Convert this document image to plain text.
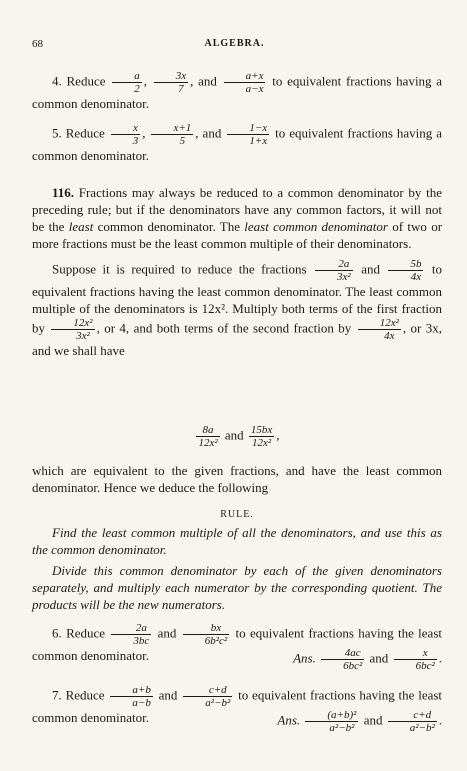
68	ALGEBRA.
4. Reduce $\frac{a}{2}$ , $\frac{3x}{7}$ , and $\frac{a+x}{a-x}$ to equivalent fractions having a common denominator.
5. Reduce $\frac{x}{3}$ , $\frac{x+1}{5}$ , and $\frac{1-x}{1+x}$ to equivalent fractions having a common denominator.
116. Fractions may always be reduced to a common denominator by the preceding rule; but if the denominators have any common factors, it will not be the least common denominator. The least common denominator of two or more fractions must be the least common multiple of their denominators.
Suppose it is required to reduce the fractions $\frac{2a}{\text{3x²}}$ and $\frac{5b}{4x}$ to equivalent fractions having the least common denominator. The least common multiple of the denominators is 12x². Multiply both terms of the first fraction by $\frac{\text{12x²}}{\text{3x²}}$ , or 4, and both terms of the second fraction by $\frac{\text{12x²}}{4x}$ , or 3x, and we shall have
$\frac{8a}{\text{12x²}}$ and $\frac{15bx}{\text{12x²}}$ ,
which are equivalent to the given fractions, and have the least common denominator. Hence we deduce the following
RULE.
Find the least common multiple of all the denominators, and use this as the common denominator.
Divide this common denominator by each of the given denominators separately, and multiply each numerator by the corresponding quotient. The products will be the new numerators.
6. Reduce $\frac{2a}{3bc}$ and $\frac{bx}{\text{6b²c²}}$ to equivalent fractions having the least common denominator.	Ans. $\frac{4ac}{\text{6bc²}}$ and $\frac{x}{\text{6bc²}}$ .
7. Reduce $\frac{a+b}{a-b}$ and $\frac{c+d}{\text{a²−b²}}$ to equivalent fractions having the least common denominator.	Ans. $\frac{\text{(a+b)²}}{\text{a²−b²}}$ and $\frac{c+d}{\text{a²−b²}}$ .
